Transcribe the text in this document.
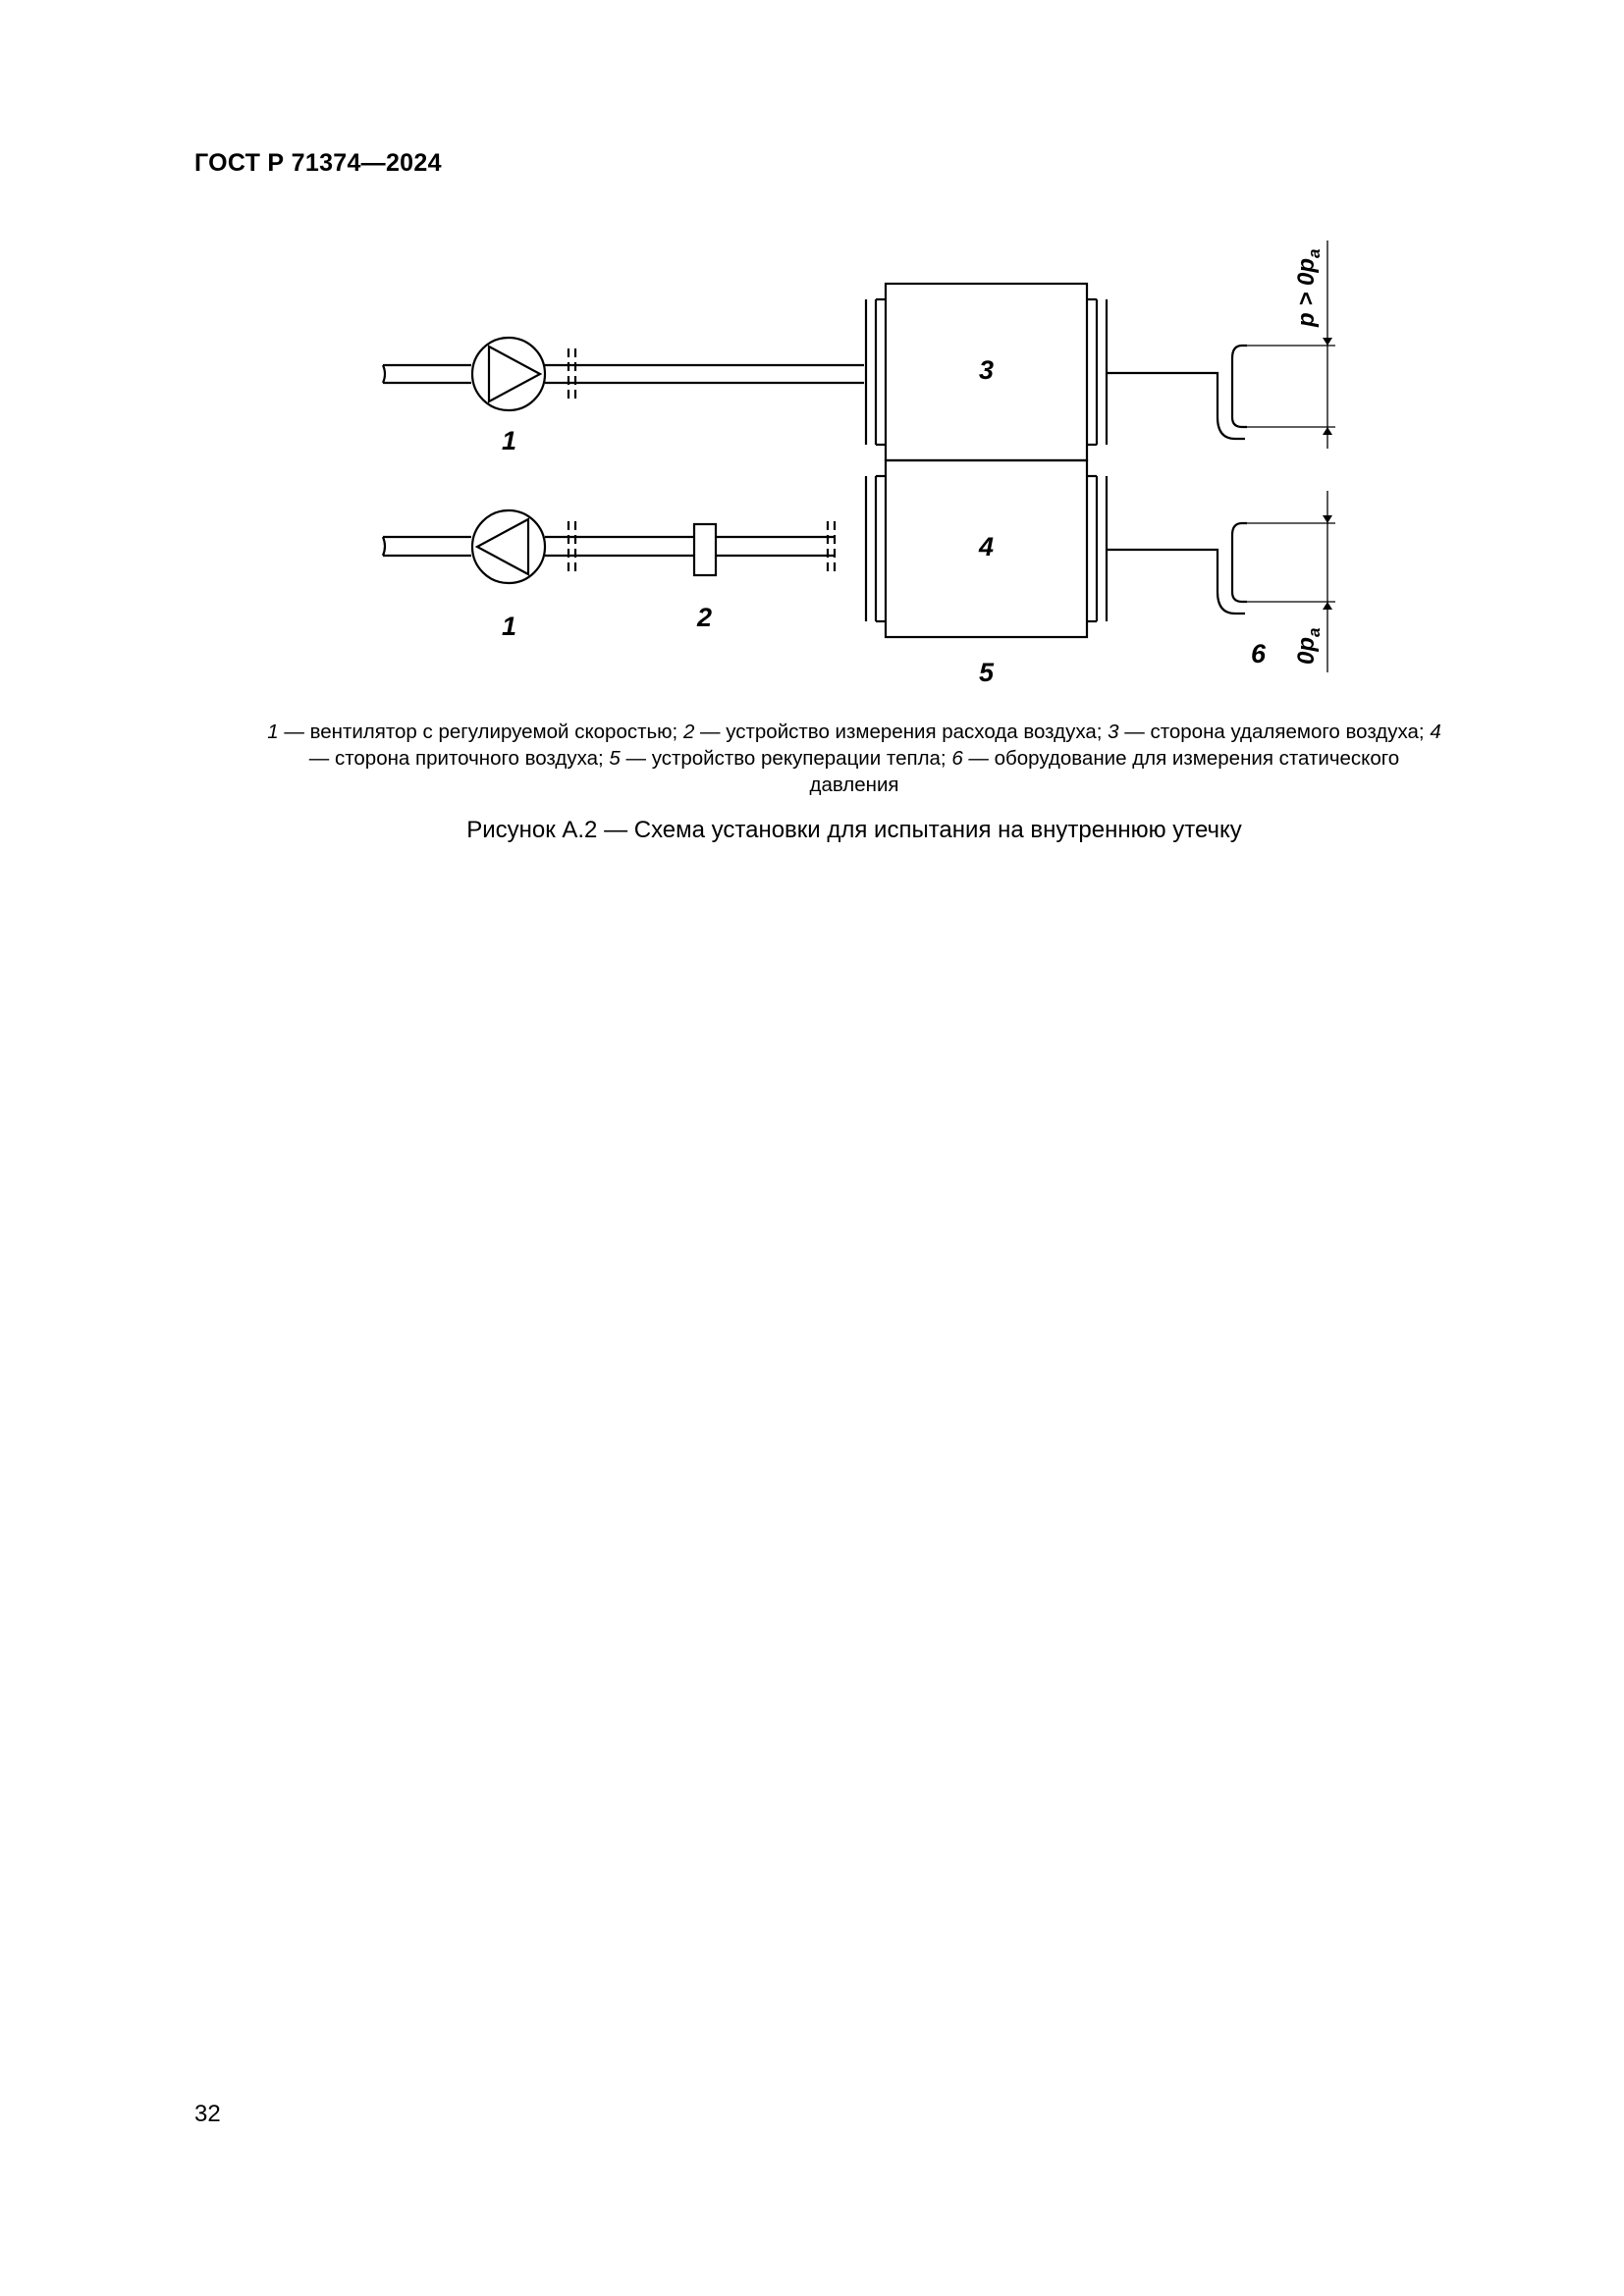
ГОСТ Р 71374—2024
1
1	2
3
4
5
6
$p > 0p_a$
$0p_a$
1 — вентилятор с регулируемой скоростью; 2 — устройство измерения расхода воздуха; 3 — сторона удаляемого воздуха; 4 — сторона приточного воздуха; 5 — устройство рекуперации тепла; 6 — оборудование для измерения статического давления
Рисунок А.2 — Схема установки для испытания на внутреннюю утечку
32
